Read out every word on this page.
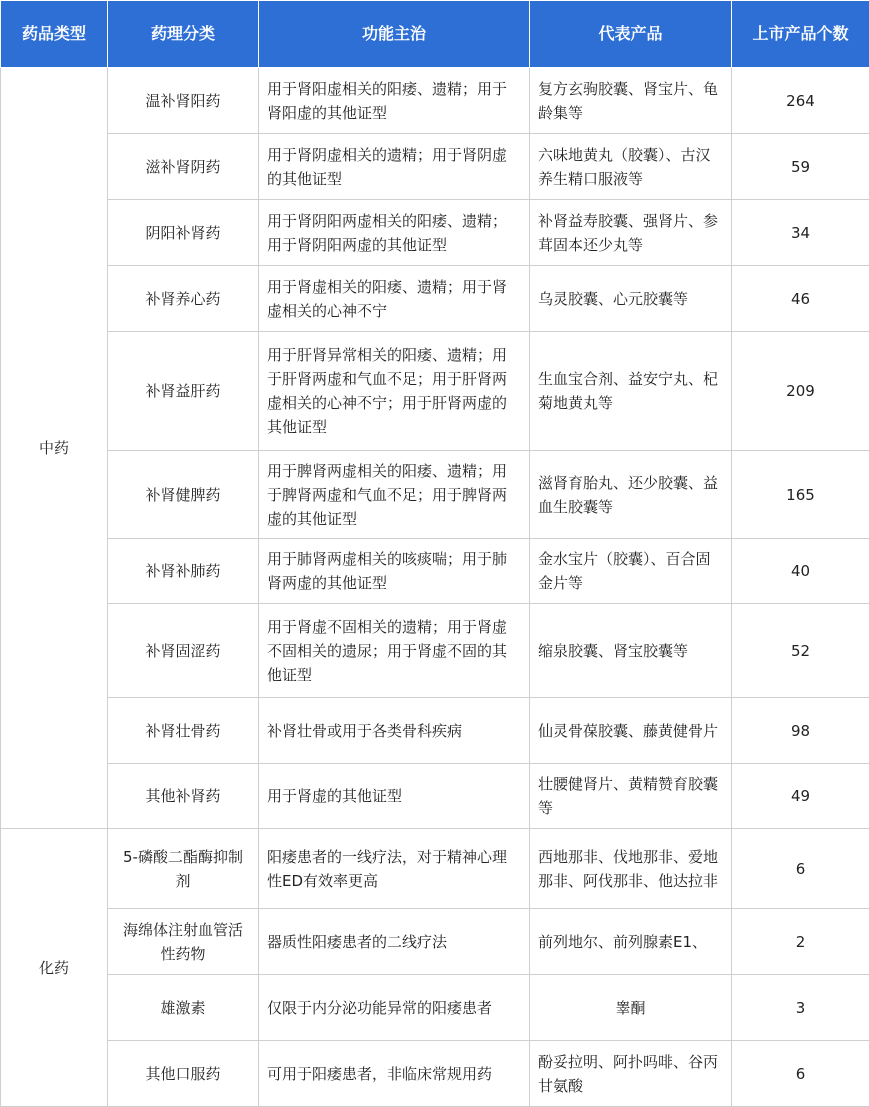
药品类型	药理分类	功能主治	代表产品	上市产品个数
中药	温补肾阳药	用于肾阳虚相关的阳痿、遗精；用于肾阳虚的其他证型	复方玄驹胶囊、肾宝片、龟龄集等	264
	滋补肾阴药	用于肾阴虚相关的遗精；用于肾阴虚的其他证型	六味地黄丸（胶囊）、古汉养生精口服液等	59
	阴阳补肾药	用于肾阴阳两虚相关的阳痿、遗精；用于肾阴阳两虚的其他证型	补肾益寿胶囊、强肾片、参茸固本还少丸等	34
	补肾养心药	用于肾虚相关的阳痿、遗精；用于肾虚相关的心神不宁	乌灵胶囊、心元胶囊等	46
	补肾益肝药	用于肝肾异常相关的阳痿、遗精；用于肝肾两虚和气血不足；用于肝肾两虚相关的心神不宁；用于肝肾两虚的其他证型	生血宝合剂、益安宁丸、杞菊地黄丸等	209
	补肾健脾药	用于脾肾两虚相关的阳痿、遗精；用于脾肾两虚和气血不足；用于脾肾两虚的其他证型	滋肾育胎丸、还少胶囊、益血生胶囊等	165
	补肾补肺药	用于肺肾两虚相关的咳痰喘；用于肺肾两虚的其他证型	金水宝片（胶囊）、百合固金片等	40
	补肾固涩药	用于肾虚不固相关的遗精；用于肾虚不固相关的遗尿；用于肾虚不固的其他证型	缩泉胶囊、肾宝胶囊等	52
	补肾壮骨药	补肾壮骨或用于各类骨科疾病	仙灵骨葆胶囊、藤黄健骨片	98
	其他补肾药	用于肾虚的其他证型	壮腰健肾片、黄精赞育胶囊等	49
化药	5-磷酸二酯酶抑制剂	阳痿患者的一线疗法，对于精神心理性ED有效率更高	西地那非、伐地那非、爱地那非、阿伐那非、他达拉非	6
	海绵体注射血管活性药物	器质性阳痿患者的二线疗法	前列地尔、前列腺素E1、	2
	雄激素	仅限于内分泌功能异常的阳痿患者	睾酮	3
	其他口服药	可用于阳痿患者，非临床常规用药	酚妥拉明、阿扑吗啡、谷丙甘氨酸	6
